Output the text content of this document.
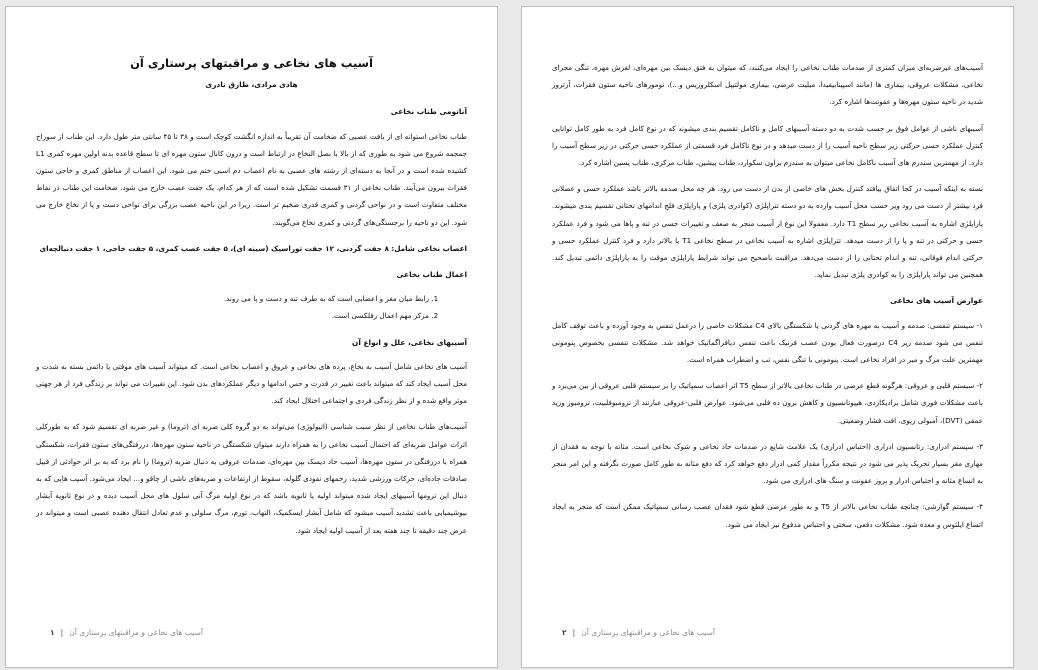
آسیب های نخاعی و مراقبتهای پرستاری آن
هادی مرادی، طارق نادری
آناتومی طناب نخاعی

طناب نخاعی استوانه ای از بافت عصبی که ضخامت آن تقریباً به اندازه انگشت کوچک است و ۳۸ تا ۴۵ سانتی متر طول دارد. این طناب از سوراخ جمجمه شروع می شود به طوری که از بالا با بصل النخاع در ارتباط است و درون کانال ستون مهره ای تا سطح قاعده بدنه اولین مهره کمری L1 کشیده شده است و در آنجا به دسته‌ای از رشته های عصبی به نام اعصاب دم اسبی ختم می شود. این اعصاب از مناطق کمری و خاجی ستون فقرات بیرون می‌آیند. طناب نخاعی از ۳۱ قسمت تشکیل شده است که از هر کدام، یک جفت عصب خارج می شود. ضخامت این طناب در نقاط مختلف متفاوت است و در نواحی گردنی و کمری قدری ضخیم تر است. زیرا در این ناحیه عصب بزرگی برای نواحی دست و پا از نخاع خارج می شود. این دو ناحیه را برجستگی‌های گردنی و کمری نخاع می‌گویند.

اعصاب نخاعی شامل: ۸ جفت گردنی، ۱۲ جفت توراسیک (سینه ای)، ۵ جفت عصب کمری، ۵ جفت خاجی، ۱ جفت دنبالچه‌ای

اعمال طناب نخاعی
1. رابط میان مغز و اعضایی است که به طرف تنه و دست و پا می روند.
2. مرکز مهم اعمال رفلکسی است.
آسیبهای نخاعی، علل و انواع آن

آسیب های نخاعی شامل آسیب به نخاع، پرده های نخاعی و عروق و اعصاب نخاعی است. که میتواند آسیب های موقتی یا دائمی بسته به شدت و محل آسیب ایجاد کند که میتواند باعث تغییر در قدرت و حس اندامها و دیگر عملکردهای بدن شود. این تغییرات می تواند بر زندگی فرد از هر جهتی موثر واقع شده و از نظر زندگی فردی و اجتماعی اختلال ایجاد کند.

آسیب‌های طناب نخاعی از نظر سبب شناسی (اتیولوژی) می‌تواند به دو گروه کلی ضربه ای (تروما) و غیر ضربه ای تقسیم شود که به طورکلی اثرات عوامل ضربه‌ای که احتمال آسیب نخاعی را به همراه دارند میتوان شکستگی در ناحیه ستون مهره‌ها، دررفتگی‌های ستون فقرات، شکستگی همراه با دررفتگی در ستون مهره‌ها، آسیب حاد دیسک بین مهره‌ای، صدمات عروقی به دنبال ضربه (تروما) را نام برد که به بر اثر حوادثی از قبیل صادفات جاده‌ای، حرکات ورزشی شدید، زخمهای نفوذی گلوله، سقوط از ارتفاعات و ضربه‌های ناشی از چاقو و... ایجاد می‌شود. آسیب هایی که به دنبال این ترومها آسیبهای ایجاد شده میتواند اولیه یا ثانویه باشد که در نوع اولیه مرگ آنی سلول های محل آسیب دیده و در نوع ثانویه آبشار بیوشیمیایی باعث تشدید آسیب میشود که شامل آبشار ایسکمیک، التهاب، تورم، مرگ سلولی و عدم تعادل انتقال دهنده عصبی است و میتواند در عرض چند دقیقه تا چند هفته بعد از آسیب اولیه ایجاد شود.

آسیب های نخاعی و مراقبتهای پرستاری آن
|
۱

آسیب‌های غیرضربه‌ای میزان کمتری از صدمات طناب نخاعی را ایجاد می‌کنند، که میتوان به فتق دیسک بین مهره‌ای، لغزش مهره، تنگی مجرای نخاعی، مشکلات عروقی، بیماری ها (مانند اسپینابیفیدا، میلیت عرضی، بیماری مولتیپل اسکلروزیس و...)، تومورهای ناحیه ستون فقرات، آرتروز شدید در ناحیه ستون مهره‌ها و عفونت‌ها اشاره کرد.

آسیبهای ناشی از عوامل فوق بر حسب شدت به دو دسته آسیبهای کامل و ناکامل تقسیم بندی میشوند که در نوع کامل فرد به طور کامل توانایی کنترل عملکرد حسی حرکتی زیر سطح ناحیه آسیب را از دست میدهد و در نوع ناکامل فرد قسمتی از عملکرد حسی حرکتی در زیر سطح آسیب را دارد. از مهمترین سندرم های آسیب ناکامل نخاعی میتوان به سندرم براون سکوارد، طناب پیشین، طناب مرکزی، طناب پسین اشاره کرد.

بسته به اینکه آسیب در کجا اتفاق بیافتد کنترل بخش های خاصی از بدن از دست می رود. هر چه محل صدمه بالاتر باشد عملکرد حسی و عضلانی فرد بیشتر از دست می رود ویر حسب محل آسیب وارده به دو دسته تتراپلژی (کوادری پلژی) و پاراپلژی فلج اندامهای تحتانی تقسیم بندی میشوند. پاراپلژی اشاره به آسیب نخاعی زیر سطح T1 دارد. معمولا این نوع از آسیب منجر به ضعف و تغییرات حسی در تنه و پاها می شود و فرد عملکرد حسی و حرکتی در تنه و پا را از دست میدهد. تتراپلژی اشاره به آسیب نخاعی در سطح نخاعی T1 یا بالاتر دارد و فرد کنترل عملکرد حسی و حرکتی اندام فوقانی، تنه و اندام تحتانی را از دست می‌دهد. مراقبت ناصحیح می تواند شرایط پاراپلژی موقت را به پاراپلژی دائمی تبدیل کند. همچنین می تواند پاراپلژی را به کوادری پلژی تبدیل نماید.

عوارض آسیب های نخاعی

۱- سیستم تنفسی: صدمه و آسیب به مهره های گردنی یا شکستگی بالای C4 مشکلات خاصی را درعمل تنفس به وجود آورده و باعث توقف کامل تنفس می شود صدمه زیر C4 درصورت فعال بودن عصب فرنیک باعث تنفس دیافراگماتیک خواهد شد. مشکلات تنفسی بخصوص پنومونی مهمترین علت مرگ و میر در افراد نخاعی است. پنومونی با تنگی نفس، تب و اضطراب همراه است.

۲- سیستم قلبی و عروقی: هرگونه قطع عرضی در طناب نخاعی بالاتر از سطح T5 اثر اعصاب سمپاتیک را بر سیستم قلبی عروقی از بین می‌برد و باعث مشکلات فوری شامل برادیکاردی، هیپوتانسیون و کاهش برون ده قلبی می‌شود. عوارض قلبی-عروقی عبارتند از ترومبوفلبیت، ترومبوز ورید عمقی (DVT)، آمبولی ریوی، افت فشار وضعیتی.

۳- سیستم ادراری: رتانسیون ادراری (احتباس ادراری) یک علامت شایع در صدمات حاد نخاعی و شوک نخاعی است. مثانه با توجه به فقدان از مهاری مغز بسیار تحریک پذیر می شود در نتیجه مکرراً مقدار کمی ادرار دفع خواهد کرد که دفع مثانه به طور کامل صورت نگرفته و این امر منجر به اتساع مثانه و احتباس ادرار و بروز عفونت و سنگ های ادراری می شود.

۴- سیستم گوارشی: چنانچه طناب نخاعی بالاتر از T5 و به طور عرضی قطع شود فقدان عصب رسانی سمپاتیک ممکن است که منجر به ایجاد اتساع ایلئوس و معده شود. مشکلات دفعی، سختی و احتباس مدفوع نیز ایجاد می شود.

آسیب های نخاعی و مراقبتهای پرستاری آن
|
۲
